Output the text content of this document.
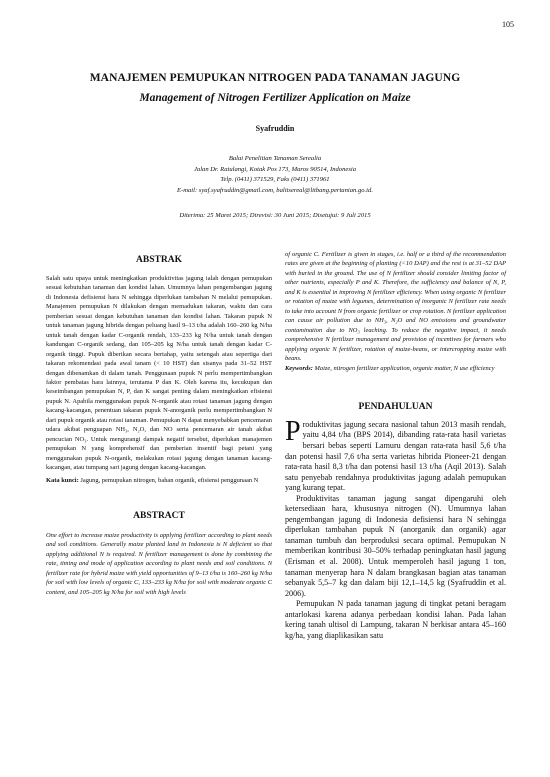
105
MANAJEMEN PEMUPUKAN NITROGEN PADA TANAMAN JAGUNG
Management of Nitrogen Fertilizer Application on Maize
Syafruddin
Balai Penelitian Tanaman Serealia
Jalan Dr. Ratulangi, Kotak Pos 173, Maros 90514, Indonesia
Telp. (0411) 371529, Faks (0411) 371961
E-mail: syaf.syafruddin@gmail.com, balitsereal@litbang.pertanian.go.id.
Diterima: 25 Maret 2015; Direvisi: 30 Juni 2015; Disetujui: 9 Juli 2015
ABSTRAK
Salah satu upaya untuk meningkatkan produktivitas jagung ialah dengan pemupukan sesuai kebutuhan tanaman dan kondisi lahan. Umumnya lahan pengembangan jagung di Indonesia defisiensi hara N sehingga diperlukan tambahan N melalui pemupukan. Manajemen pemupukan N dilakukan dengan memadukan takaran, waktu dan cara pemberian sesuai dengan kebutuhan tanaman dan kondisi lahan. Takaran pupuk N untuk tanaman jagung hibrida dengan peluang hasil 9–13 t/ha adalah 160–260 kg N/ha untuk tanah dengan kadar C-organik rendah, 133–233 kg N/ha untuk tanah dengan kandungan C-organik sedang, dan 105–205 kg N/ha untuk tanah dengan kadar C-organik tinggi. Pupuk diberikan secara bertahap, yaitu setengah atau sepertiga dari takaran rekomendasi pada awal tanam (< 10 HST) dan sisanya pada 31–52 HST dengan dibenamkan di dalam tanah. Penggunaan pupuk N perlu mempertimbangkan faktor pembatas hara lainnya, terutama P dan K. Oleh karena itu, kecukupan dan keseimbangan pemupukan N, P, dan K sangat penting dalam meningkatkan efisiensi pupuk N. Apabila menggunakan pupuk N-organik atau rotasi tanaman jagung dengan kacang-kacangan, penentuan takaran pupuk N-anorganik perlu mempertimbangkan N dari pupuk organik atau rotasi tanaman. Pemupukan N dapat menyebabkan pencemaran udara akibat penguapan NH₃, N₂O, dan NO serta pencemaran air tanah akibat pencucian NO₃. Untuk mengurangi dampak negatif tersebut, diperlukan manajemen pemupukan N yang komprehensif dan pemberian insentif bagi petani yang menggunakan pupuk N-organik, melakukan rotasi jagung dengan tanaman kacang-kacangan, atau tumpang sari jagung dengan kacang-kacangan.
Kata kunci: Jagung, pemupukan nitrogen, bahan organik, efisiensi penggunaan N
ABSTRACT
One effort to increase maize productivity is applying fertilizer according to plant needs and soil conditions. Generally maize planted land in Indonesia is N deficient so that applying additional N is required. N fertilizer management is done by combining the rate, timing and mode of application according to plant needs and soil conditions. N fertilizer rate for hybrid maize with yield opportunities of 9–13 t/ha is 160–260 kg N/ha for soil with low levels of organic C, 133–233 kg N/ha for soil with moderate organic C content, and 105–205 kg N/ha for soil with high levels
of organic C. Fertilizer is given in stages, i.e. half or a third of the recommendation rates are given at the beginning of planting (<10 DAP) and the rest is at 31–52 DAP with buried in the ground. The use of N fertilizer should consider limiting factor of other nutrients, especially P and K. Therefore, the sufficiency and balance of N, P, and K is essential in improving N fertilizer efficiency. When using organic N fertilizer or rotation of maize with legumes, determination of inorganic N fertilizer rate needs to take into account N from organic fertilizer or crop rotation. N fertilizer application can cause air pollution due to NH₃, N₂O and NO emissions and groundwater contamination due to NO₃ leaching. To reduce the negative impact, it needs comprehensive N fertilizer management and provision of incentives for farmers who applying organic N fertilizer, rotation of maize-beans, or intercropping maize with beans.
Keywords: Maize, nitrogen fertilizer application, organic matter, N use efficiency
PENDAHULUAN

Produktivitas jagung secara nasional tahun 2013 masih rendah, yaitu 4,84 t/ha (BPS 2014), dibanding rata-rata hasil varietas bersari bebas seperti Lamuru dengan rata-rata hasil 5,6 t/ha dan potensi hasil 7,6 t/ha serta varietas hibrida Pioneer-21 dengan rata-rata hasil 8,3 t/ha dan potensi hasil 13 t/ha (Aqil 2013). Salah satu penyebab rendahnya produktivitas jagung adalah pemupukan yang kurang tepat.

Produktivitas tanaman jagung sangat dipengaruhi oleh ketersediaan hara, khususnya nitrogen (N). Umumnya lahan pengembangan jagung di Indonesia defisiensi hara N sehingga diperlukan tambahan pupuk N (anorganik dan organik) agar tanaman tumbuh dan berproduksi secara optimal. Pemupukan N memberikan kontribusi 30–50% terhadap peningkatan hasil jagung (Erisman et al. 2008). Untuk memperoleh hasil jagung 1 ton, tanaman menyerap hara N dalam brangkasan bagian atas tanaman sebanyak 5,5–7 kg dan dalam biji 12,1–14,5 kg (Syafruddin et al. 2006).

Pemupukan N pada tanaman jagung di tingkat petani beragam antarlokasi karena adanya perbedaan kondisi lahan. Pada lahan kering tanah ultisol di Lampung, takaran N berkisar antara 45–160 kg/ha, yang diaplikasikan satu
